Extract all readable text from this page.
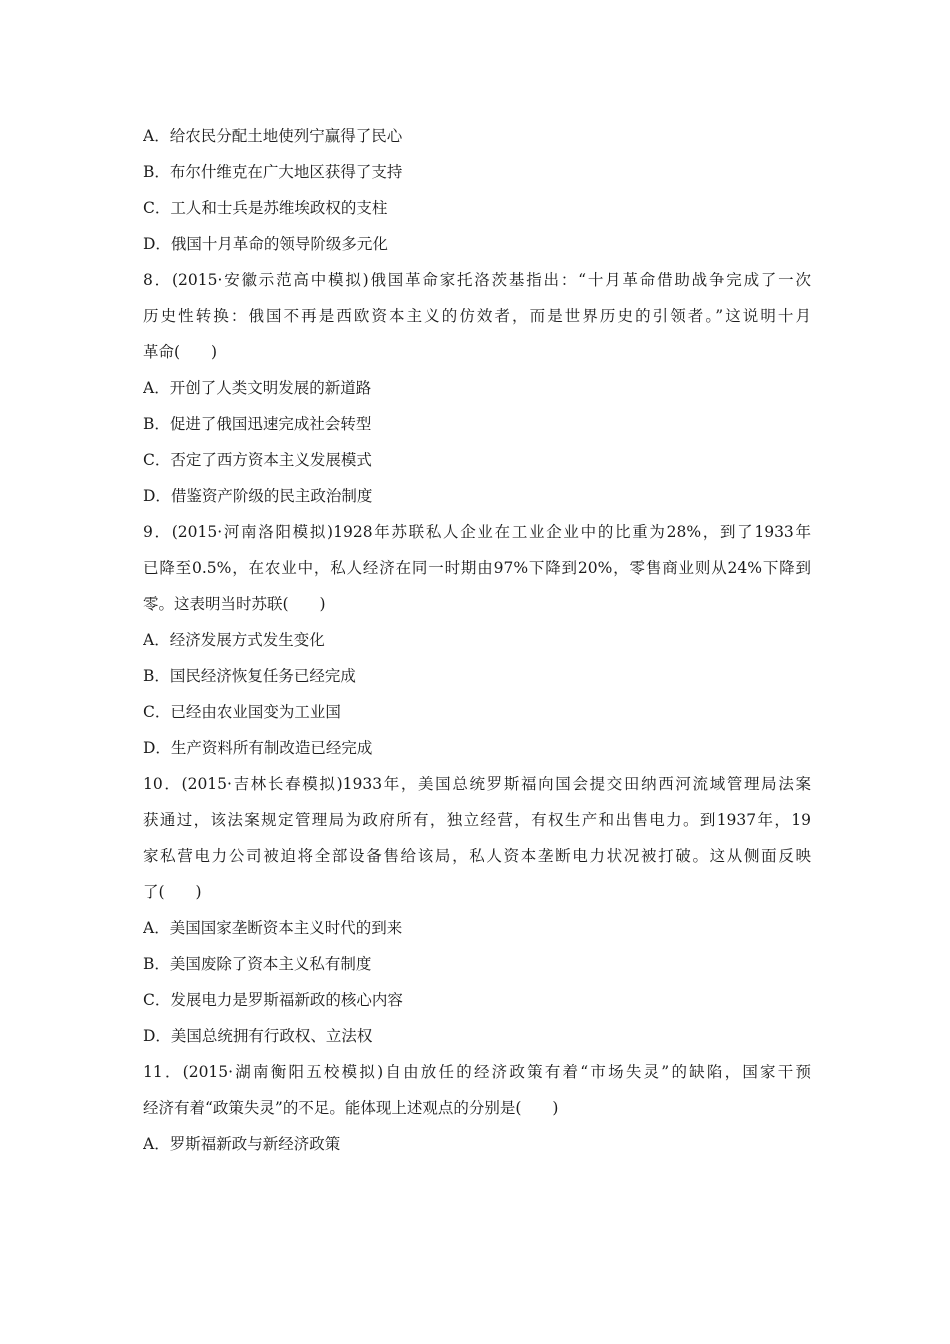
A．给农民分配土地使列宁赢得了民心
B．布尔什维克在广大地区获得了支持
C．工人和士兵是苏维埃政权的支柱
D．俄国十月革命的领导阶级多元化
8．(2015·安徽示范高中模拟)俄国革命家托洛茨基指出：“十月革命借助战争完成了一次
历史性转换：俄国不再是西欧资本主义的仿效者，而是世界历史的引领者。”这说明十月
革命(　　)
A．开创了人类文明发展的新道路
B．促进了俄国迅速完成社会转型
C．否定了西方资本主义发展模式
D．借鉴资产阶级的民主政治制度
9．(2015·河南洛阳模拟)1928年苏联私人企业在工业企业中的比重为28%，到了1933年
已降至0.5%，在农业中，私人经济在同一时期由97%下降到20%，零售商业则从24%下降到
零。这表明当时苏联(　　)
A．经济发展方式发生变化
B．国民经济恢复任务已经完成
C．已经由农业国变为工业国
D．生产资料所有制改造已经完成
10．(2015·吉林长春模拟)1933年，美国总统罗斯福向国会提交田纳西河流域管理局法案
获通过，该法案规定管理局为政府所有，独立经营，有权生产和出售电力。到1937年，19
家私营电力公司被迫将全部设备售给该局，私人资本垄断电力状况被打破。这从侧面反映
了(　　)
A．美国国家垄断资本主义时代的到来
B．美国废除了资本主义私有制度
C．发展电力是罗斯福新政的核心内容
D．美国总统拥有行政权、立法权
11．(2015·湖南衡阳五校模拟)自由放任的经济政策有着“市场失灵”的缺陷，国家干预
经济有着“政策失灵”的不足。能体现上述观点的分别是(　　)
A．罗斯福新政与新经济政策
